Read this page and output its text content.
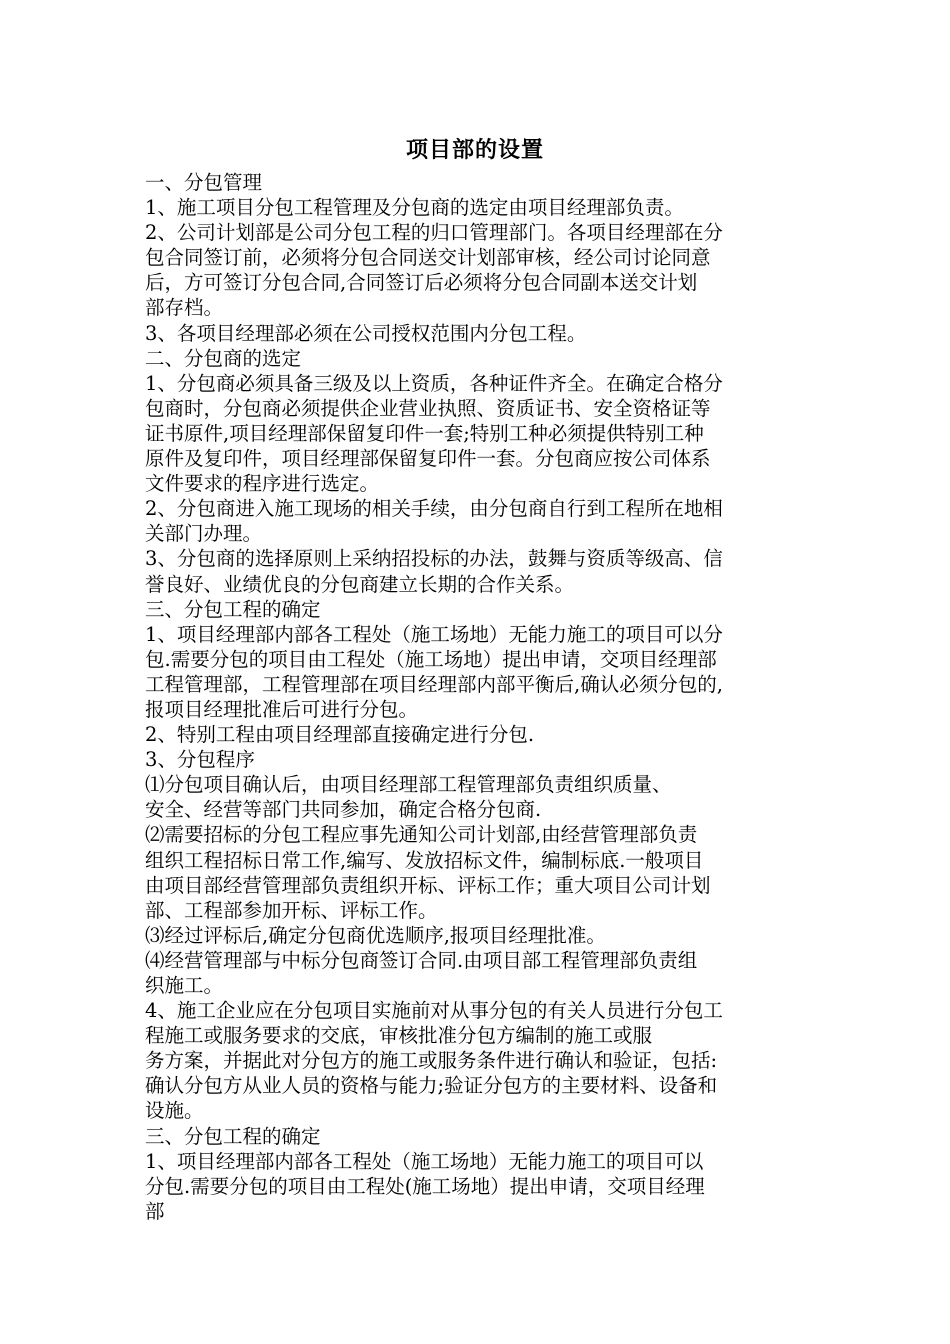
项目部的设置
一、分包管理
1、施工项目分包工程管理及分包商的选定由项目经理部负责。
2、公司计划部是公司分包工程的归口管理部门。各项目经理部在分
包合同签订前，必须将分包合同送交计划部审核，经公司讨论同意
后，方可签订分包合同,合同签订后必须将分包合同副本送交计划
部存档。
3、各项目经理部必须在公司授权范围内分包工程。
二、分包商的选定
1、分包商必须具备三级及以上资质，各种证件齐全。在确定合格分
包商时，分包商必须提供企业营业执照、资质证书、安全资格证等
证书原件,项目经理部保留复印件一套;特别工种必须提供特别工种
原件及复印件，项目经理部保留复印件一套。分包商应按公司体系
文件要求的程序进行选定。
2、分包商进入施工现场的相关手续，由分包商自行到工程所在地相
关部门办理。
3、分包商的选择原则上采纳招投标的办法，鼓舞与资质等级高、信
誉良好、业绩优良的分包商建立长期的合作关系。
三、分包工程的确定
1、项目经理部内部各工程处（施工场地）无能力施工的项目可以分
包.需要分包的项目由工程处（施工场地）提出申请，交项目经理部
工程管理部，工程管理部在项目经理部内部平衡后,确认必须分包的,
报项目经理批准后可进行分包。
2、特别工程由项目经理部直接确定进行分包.
3、分包程序
⑴分包项目确认后，由项目经理部工程管理部负责组织质量、
安全、经营等部门共同参加，确定合格分包商.
⑵需要招标的分包工程应事先通知公司计划部,由经营管理部负责
组织工程招标日常工作,编写、发放招标文件，编制标底.一般项目
由项目部经营管理部负责组织开标、评标工作；重大项目公司计划
部、工程部参加开标、评标工作。
⑶经过评标后,确定分包商优选顺序,报项目经理批准。
⑷经营管理部与中标分包商签订合同.由项目部工程管理部负责组
织施工。
4、施工企业应在分包项目实施前对从事分包的有关人员进行分包工
程施工或服务要求的交底，审核批准分包方编制的施工或服
务方案，并据此对分包方的施工或服务条件进行确认和验证，包括:
确认分包方从业人员的资格与能力;验证分包方的主要材料、设备和
设施。
三、分包工程的确定
1、项目经理部内部各工程处（施工场地）无能力施工的项目可以
分包.需要分包的项目由工程处(施工场地）提出申请，交项目经理
部
